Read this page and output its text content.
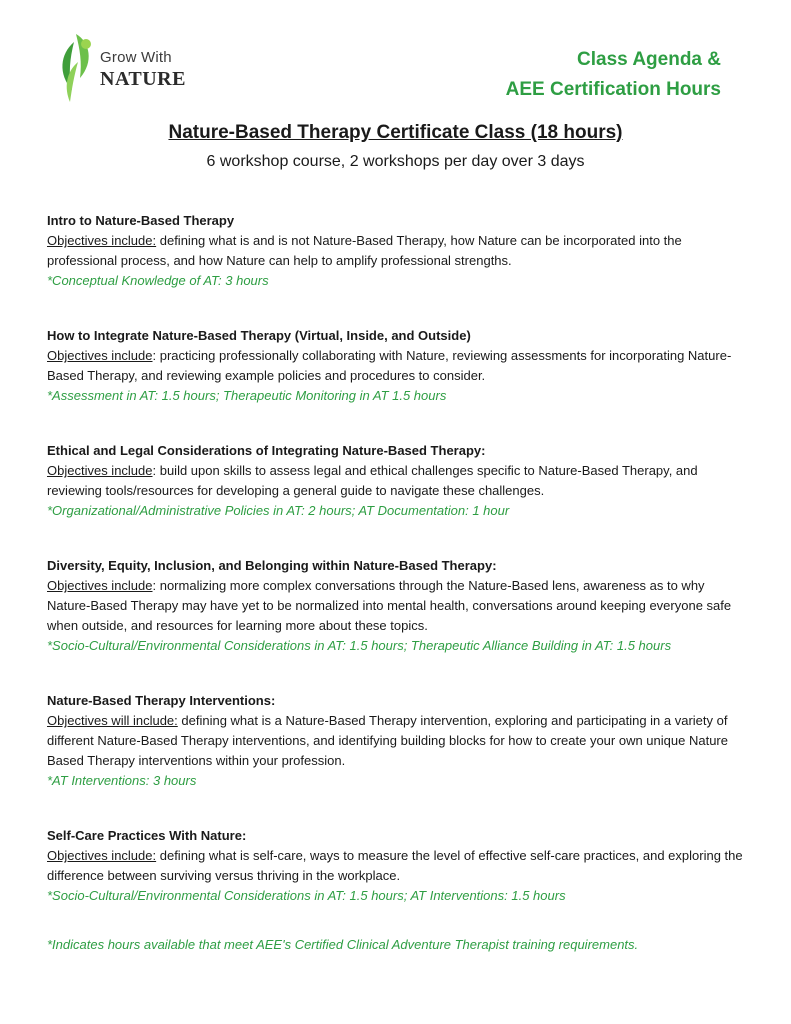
Grow With
NATURE
Class Agenda &
AEE Certification Hours
Nature-Based Therapy Certificate Class (18 hours)
6 workshop course, 2 workshops per day over 3 days
Intro to Nature-Based Therapy
Objectives include: defining what is and is not Nature-Based Therapy, how Nature can be incorporated into the professional process, and how Nature can help to amplify professional strengths.
*Conceptual Knowledge of AT: 3 hours
How to Integrate Nature-Based Therapy (Virtual, Inside, and Outside)
Objectives include: practicing professionally collaborating with Nature, reviewing assessments for incorporating Nature-Based Therapy, and reviewing example policies and procedures to consider.
*Assessment in AT: 1.5 hours; Therapeutic Monitoring in AT 1.5 hours
Ethical and Legal Considerations of Integrating Nature-Based Therapy:
Objectives include: build upon skills to assess legal and ethical challenges specific to Nature-Based Therapy, and reviewing tools/resources for developing a general guide to navigate these challenges.
*Organizational/Administrative Policies in AT: 2 hours; AT Documentation: 1 hour
Diversity, Equity, Inclusion, and Belonging within Nature-Based Therapy:
Objectives include: normalizing more complex conversations through the Nature-Based lens, awareness as to why Nature-Based Therapy may have yet to be normalized into mental health, conversations around keeping everyone safe when outside, and resources for learning more about these topics.
*Socio-Cultural/Environmental Considerations in AT: 1.5 hours; Therapeutic Alliance Building in AT: 1.5 hours
Nature-Based Therapy Interventions:
Objectives will include: defining what is a Nature-Based Therapy intervention, exploring and participating in a variety of different Nature-Based Therapy interventions, and identifying building blocks for how to create your own unique Nature Based Therapy interventions within your profession.
*AT Interventions: 3 hours
Self-Care Practices With Nature:
Objectives include: defining what is self-care, ways to measure the level of effective self-care practices, and exploring the difference between surviving versus thriving in the workplace.
*Socio-Cultural/Environmental Considerations in AT: 1.5 hours; AT Interventions: 1.5 hours
*Indicates hours available that meet AEE's Certified Clinical Adventure Therapist training requirements.
